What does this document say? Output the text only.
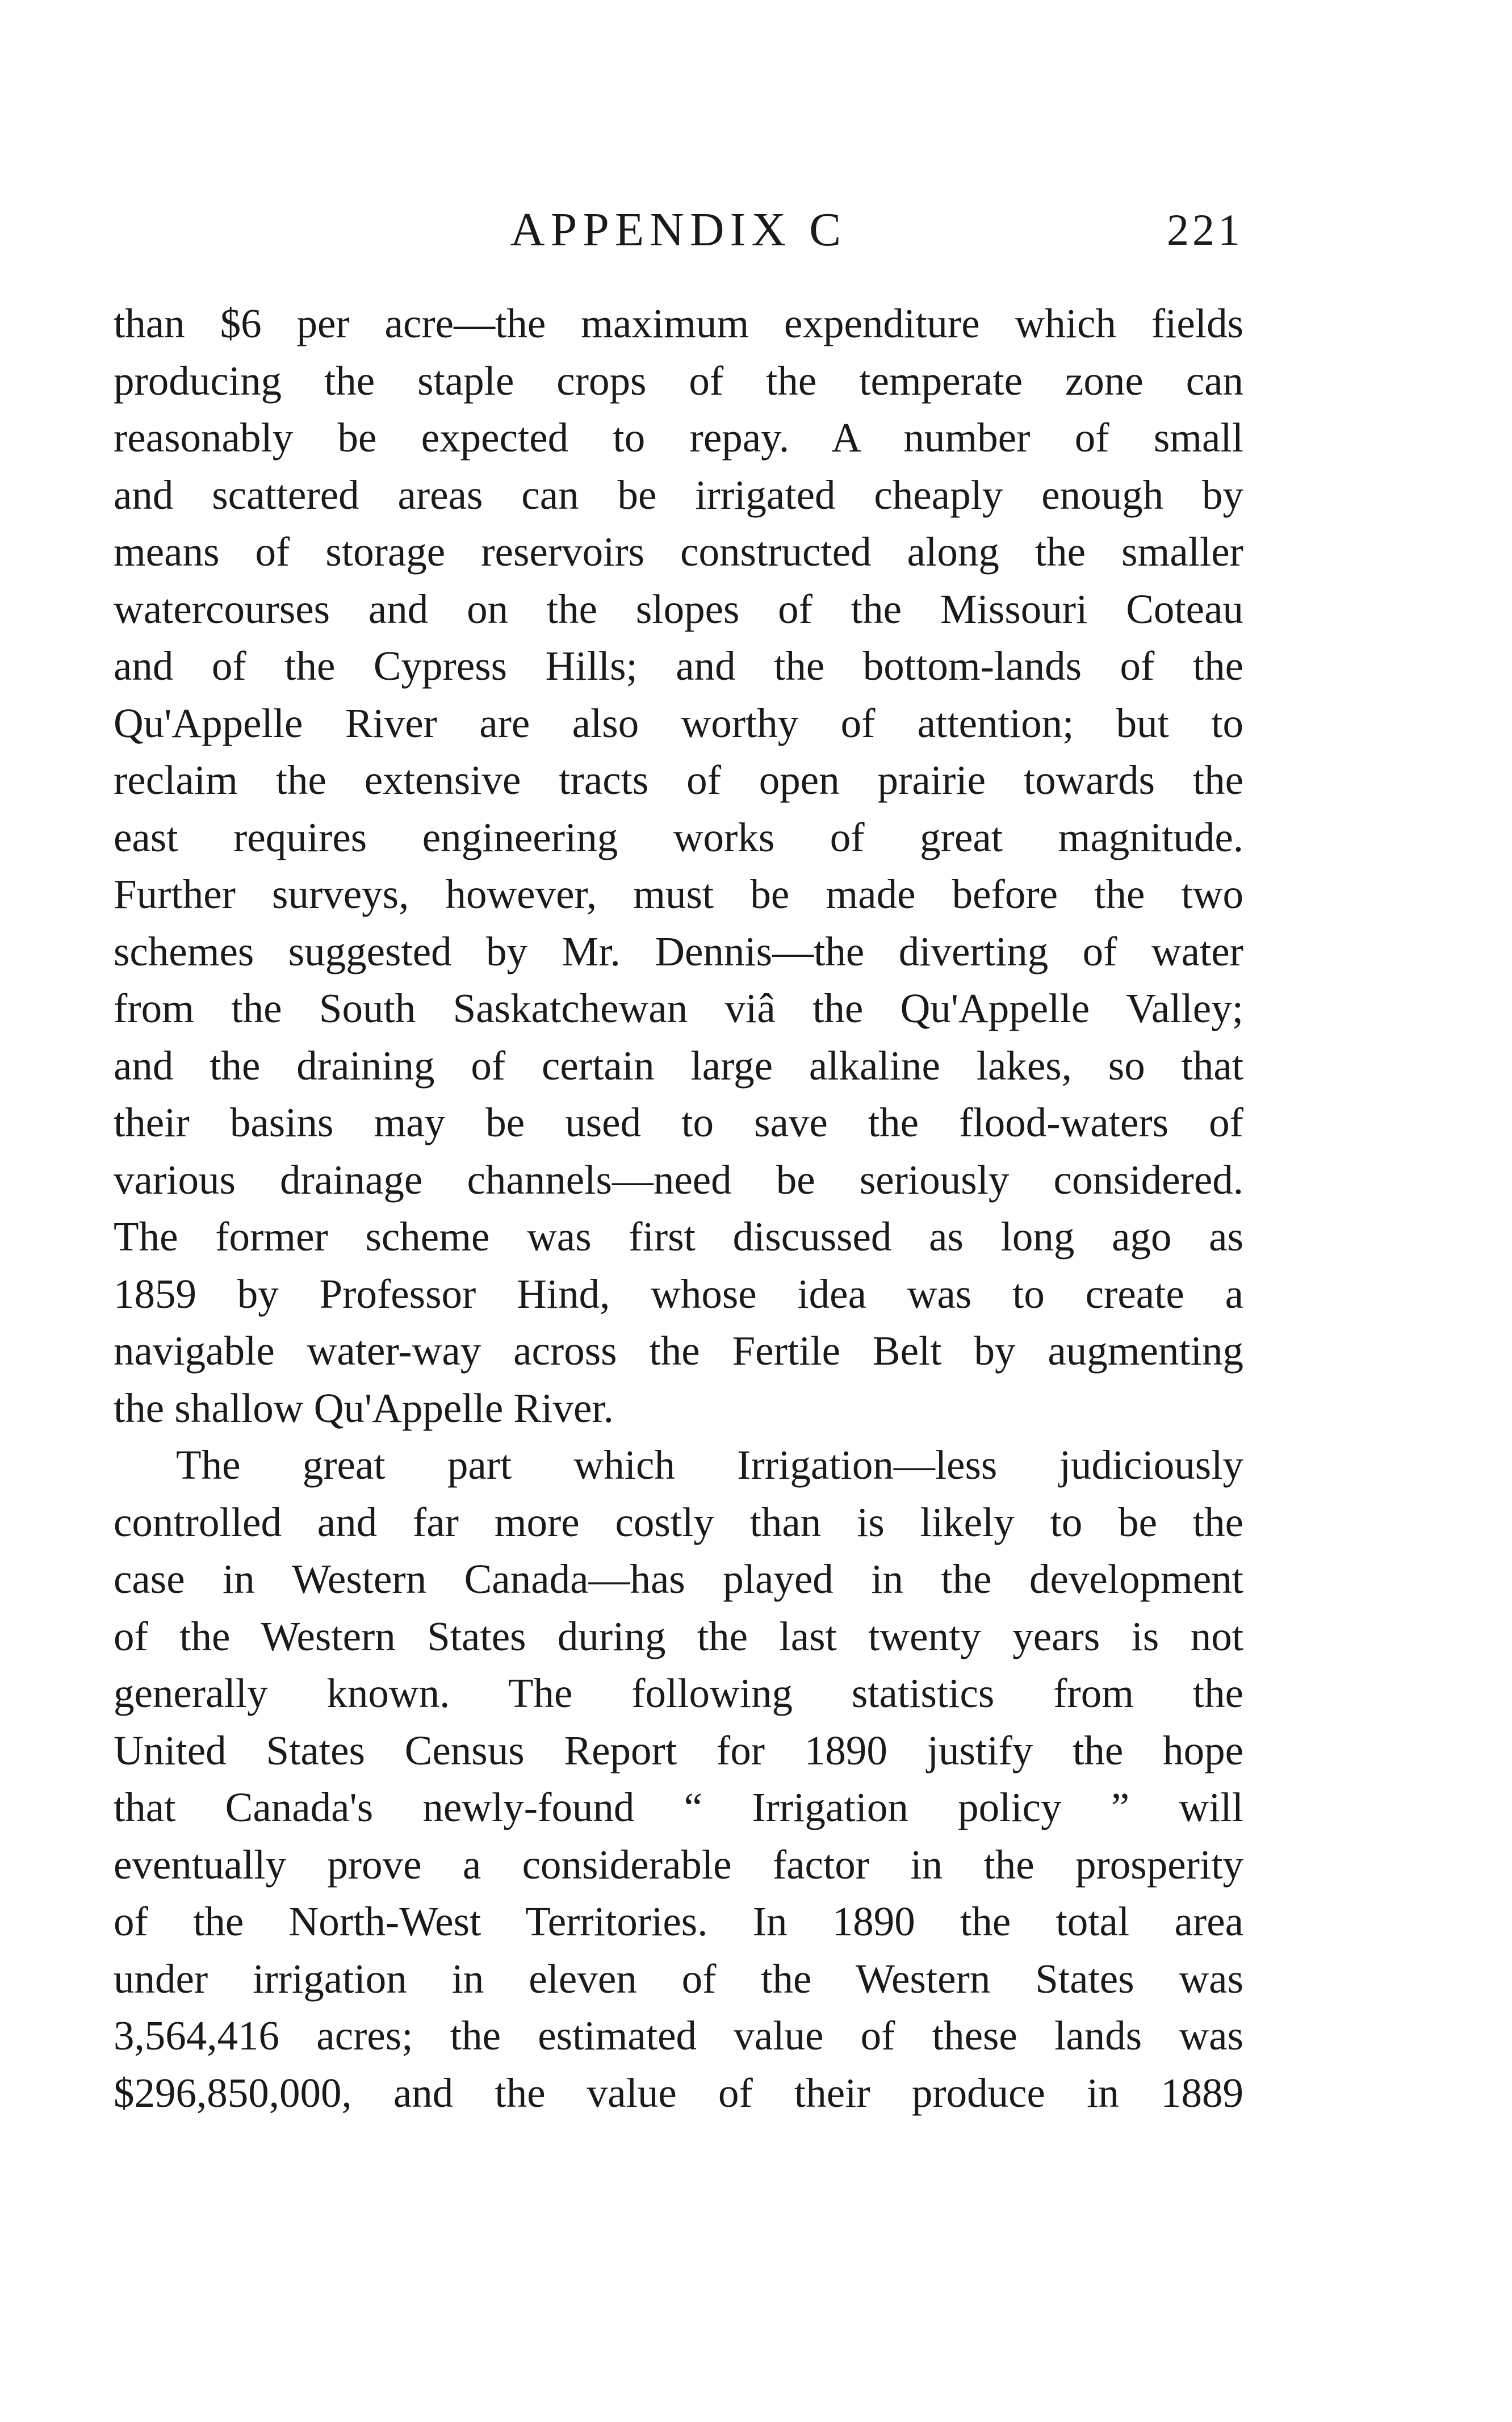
APPENDIX C	221
than $6 per acre—the maximum expenditure which fields
producing the staple crops of the temperate zone can
reasonably be expected to repay. A number of small
and scattered areas can be irrigated cheaply enough by
means of storage reservoirs constructed along the smaller
watercourses and on the slopes of the Missouri Coteau
and of the Cypress Hills; and the bottom-lands of the
Qu'Appelle River are also worthy of attention; but to
reclaim the extensive tracts of open prairie towards the
east requires engineering works of great magnitude.
Further surveys, however, must be made before the two
schemes suggested by Mr. Dennis—the diverting of water
from the South Saskatchewan viâ the Qu'Appelle Valley;
and the draining of certain large alkaline lakes, so that
their basins may be used to save the flood-waters of
various drainage channels—need be seriously considered.
The former scheme was first discussed as long ago as
1859 by Professor Hind, whose idea was to create a
navigable water-way across the Fertile Belt by augmenting
the shallow Qu'Appelle River.
The great part which Irrigation—less judiciously
controlled and far more costly than is likely to be the
case in Western Canada—has played in the development
of the Western States during the last twenty years is not
generally known. The following statistics from the
United States Census Report for 1890 justify the hope
that Canada's newly-found “ Irrigation policy ” will
eventually prove a considerable factor in the prosperity
of the North-West Territories. In 1890 the total area
under irrigation in eleven of the Western States was
3,564,416 acres; the estimated value of these lands was
$296,850,000, and the value of their produce in 1889
